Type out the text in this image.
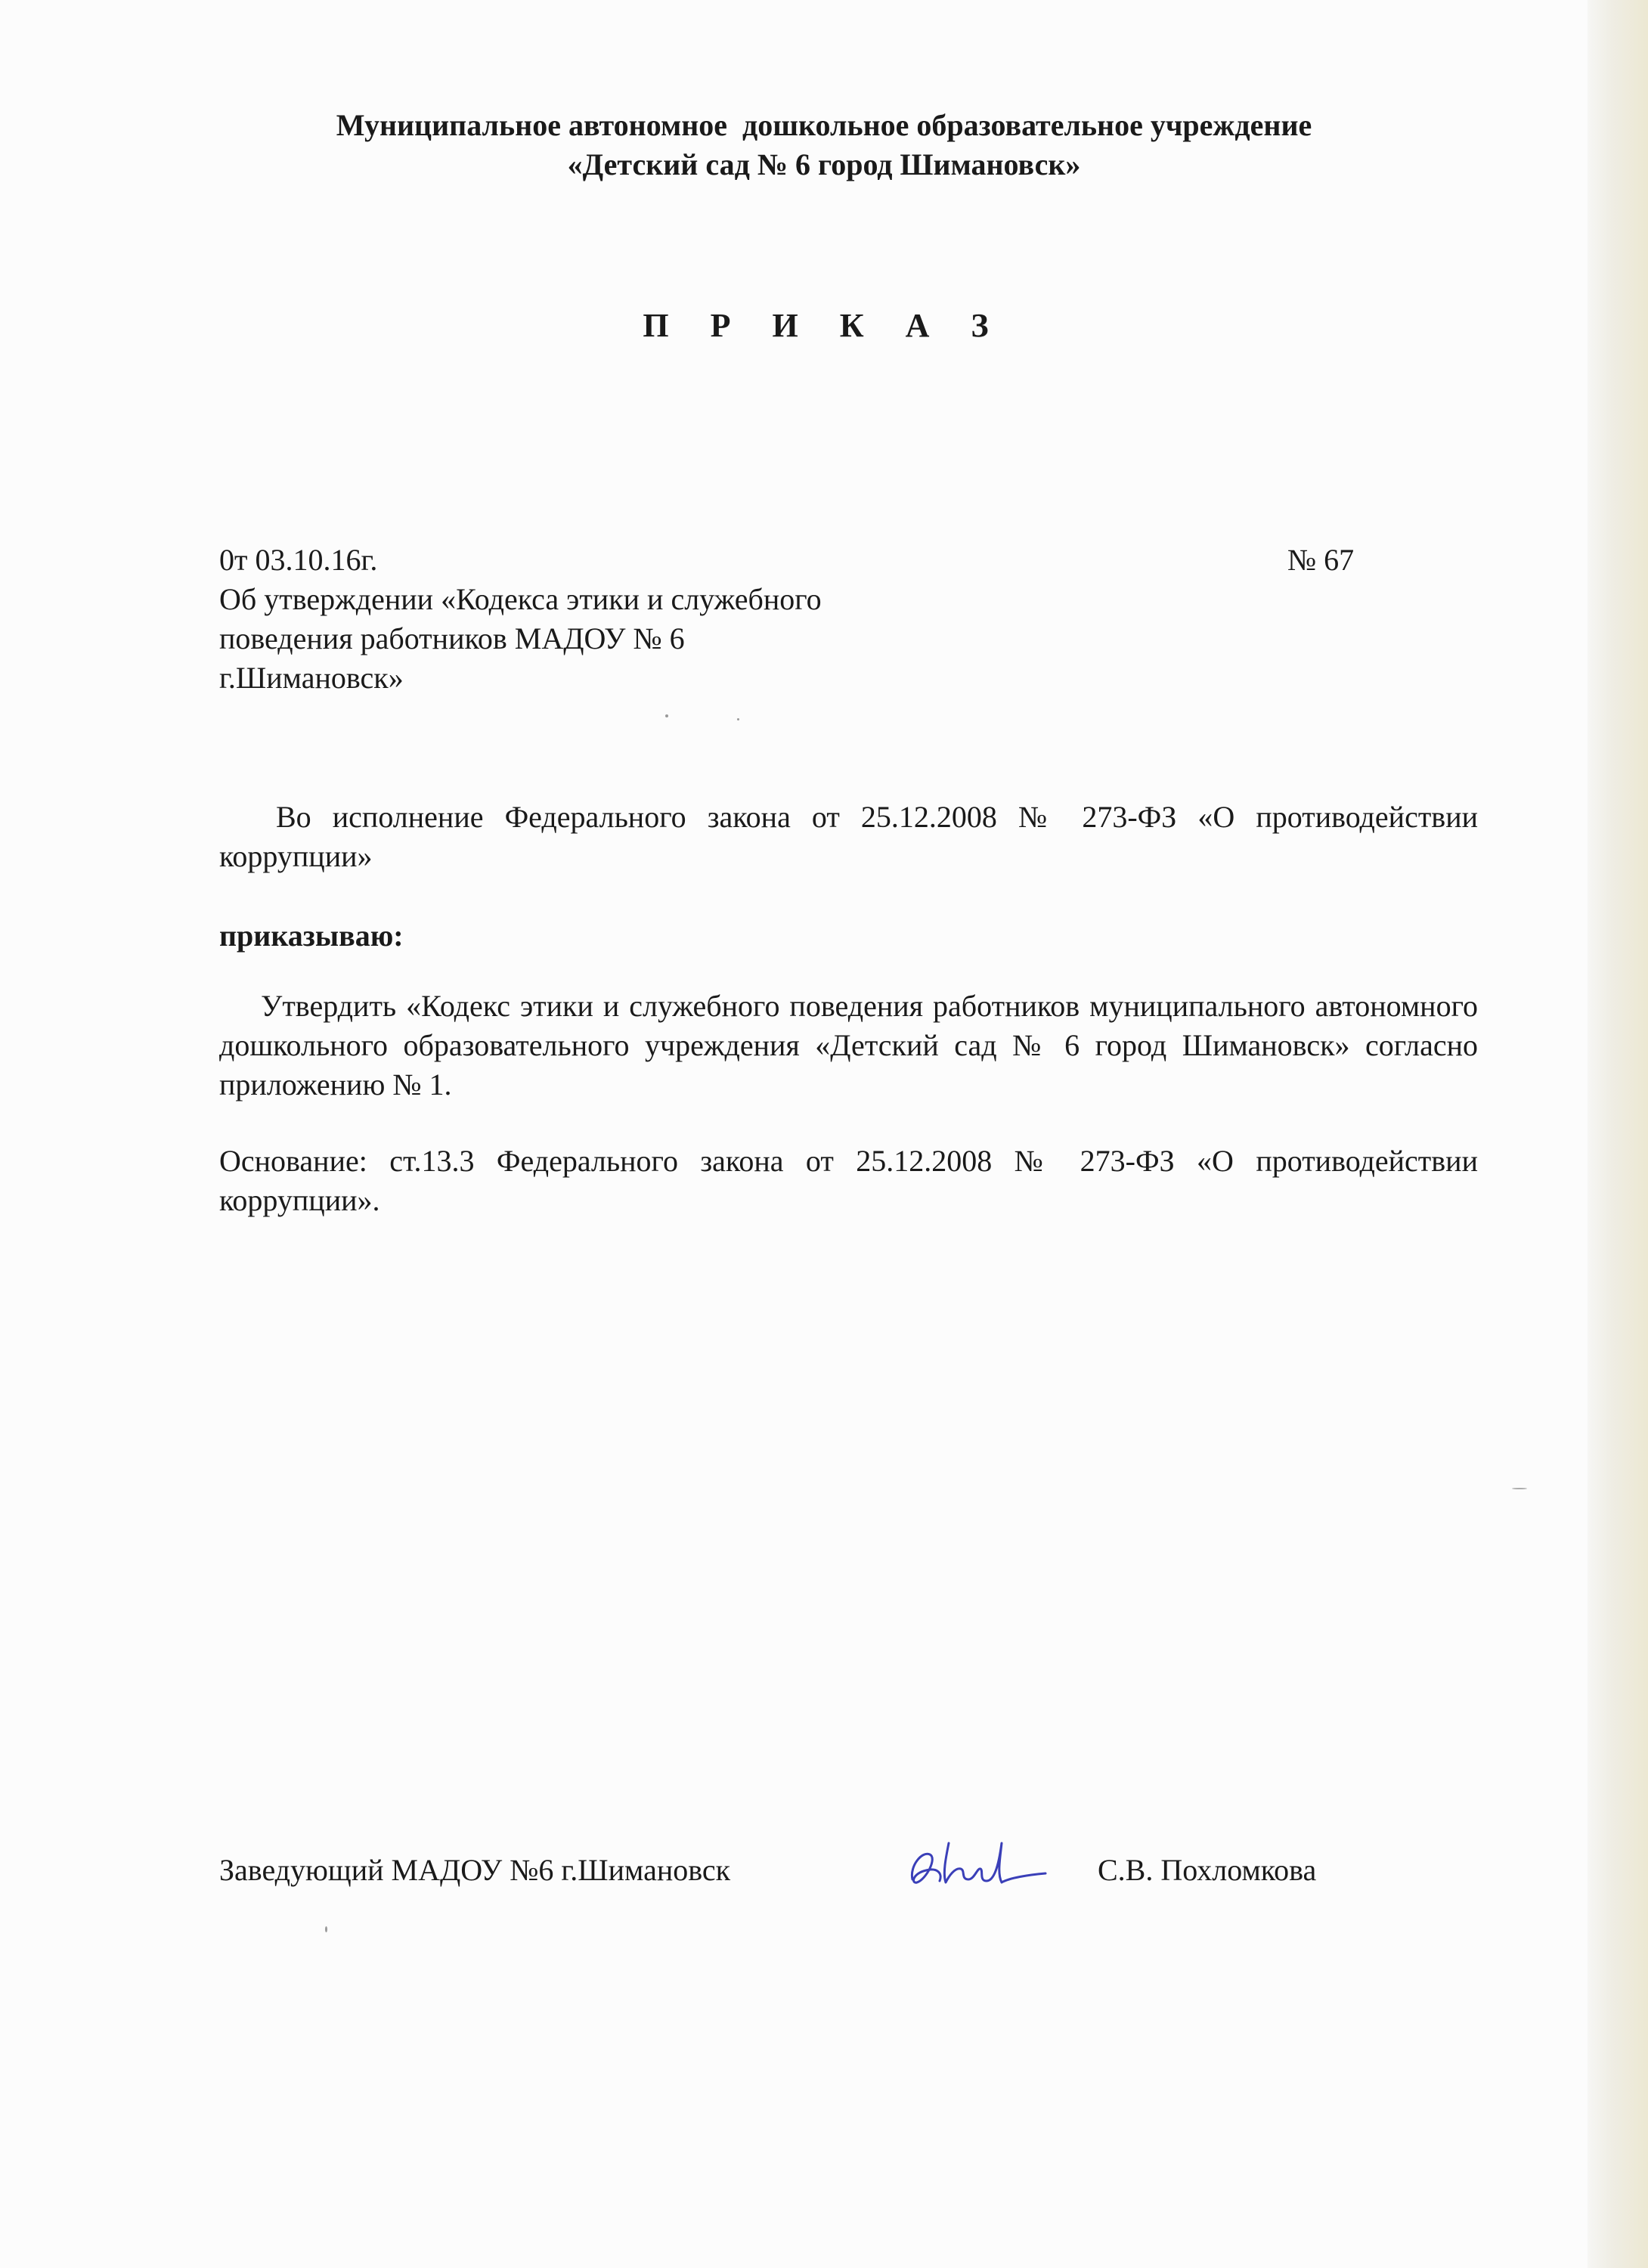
Муниципальное автономное  дошкольное образовательное учреждение
«Детский сад № 6 город Шимановск»
П Р И К А З
0т 03.10.16г.	№ 67
Об утверждении «Кодекса этики и служебного
поведения работников МАДОУ № 6
г.Шимановск»
Во исполнение Федерального закона от 25.12.2008 № 273-ФЗ «О противодействии коррупции»
приказываю:
Утвердить «Кодекс этики и служебного поведения работников муниципального автономного дошкольного образовательного учреждения «Детский сад № 6 город Шимановск» согласно приложению № 1.
Основание: ст.13.3 Федерального закона от 25.12.2008 № 273-ФЗ «О противодействии коррупции».
Заведующий МАДОУ №6 г.Шимановск	С.В. Похломкова
